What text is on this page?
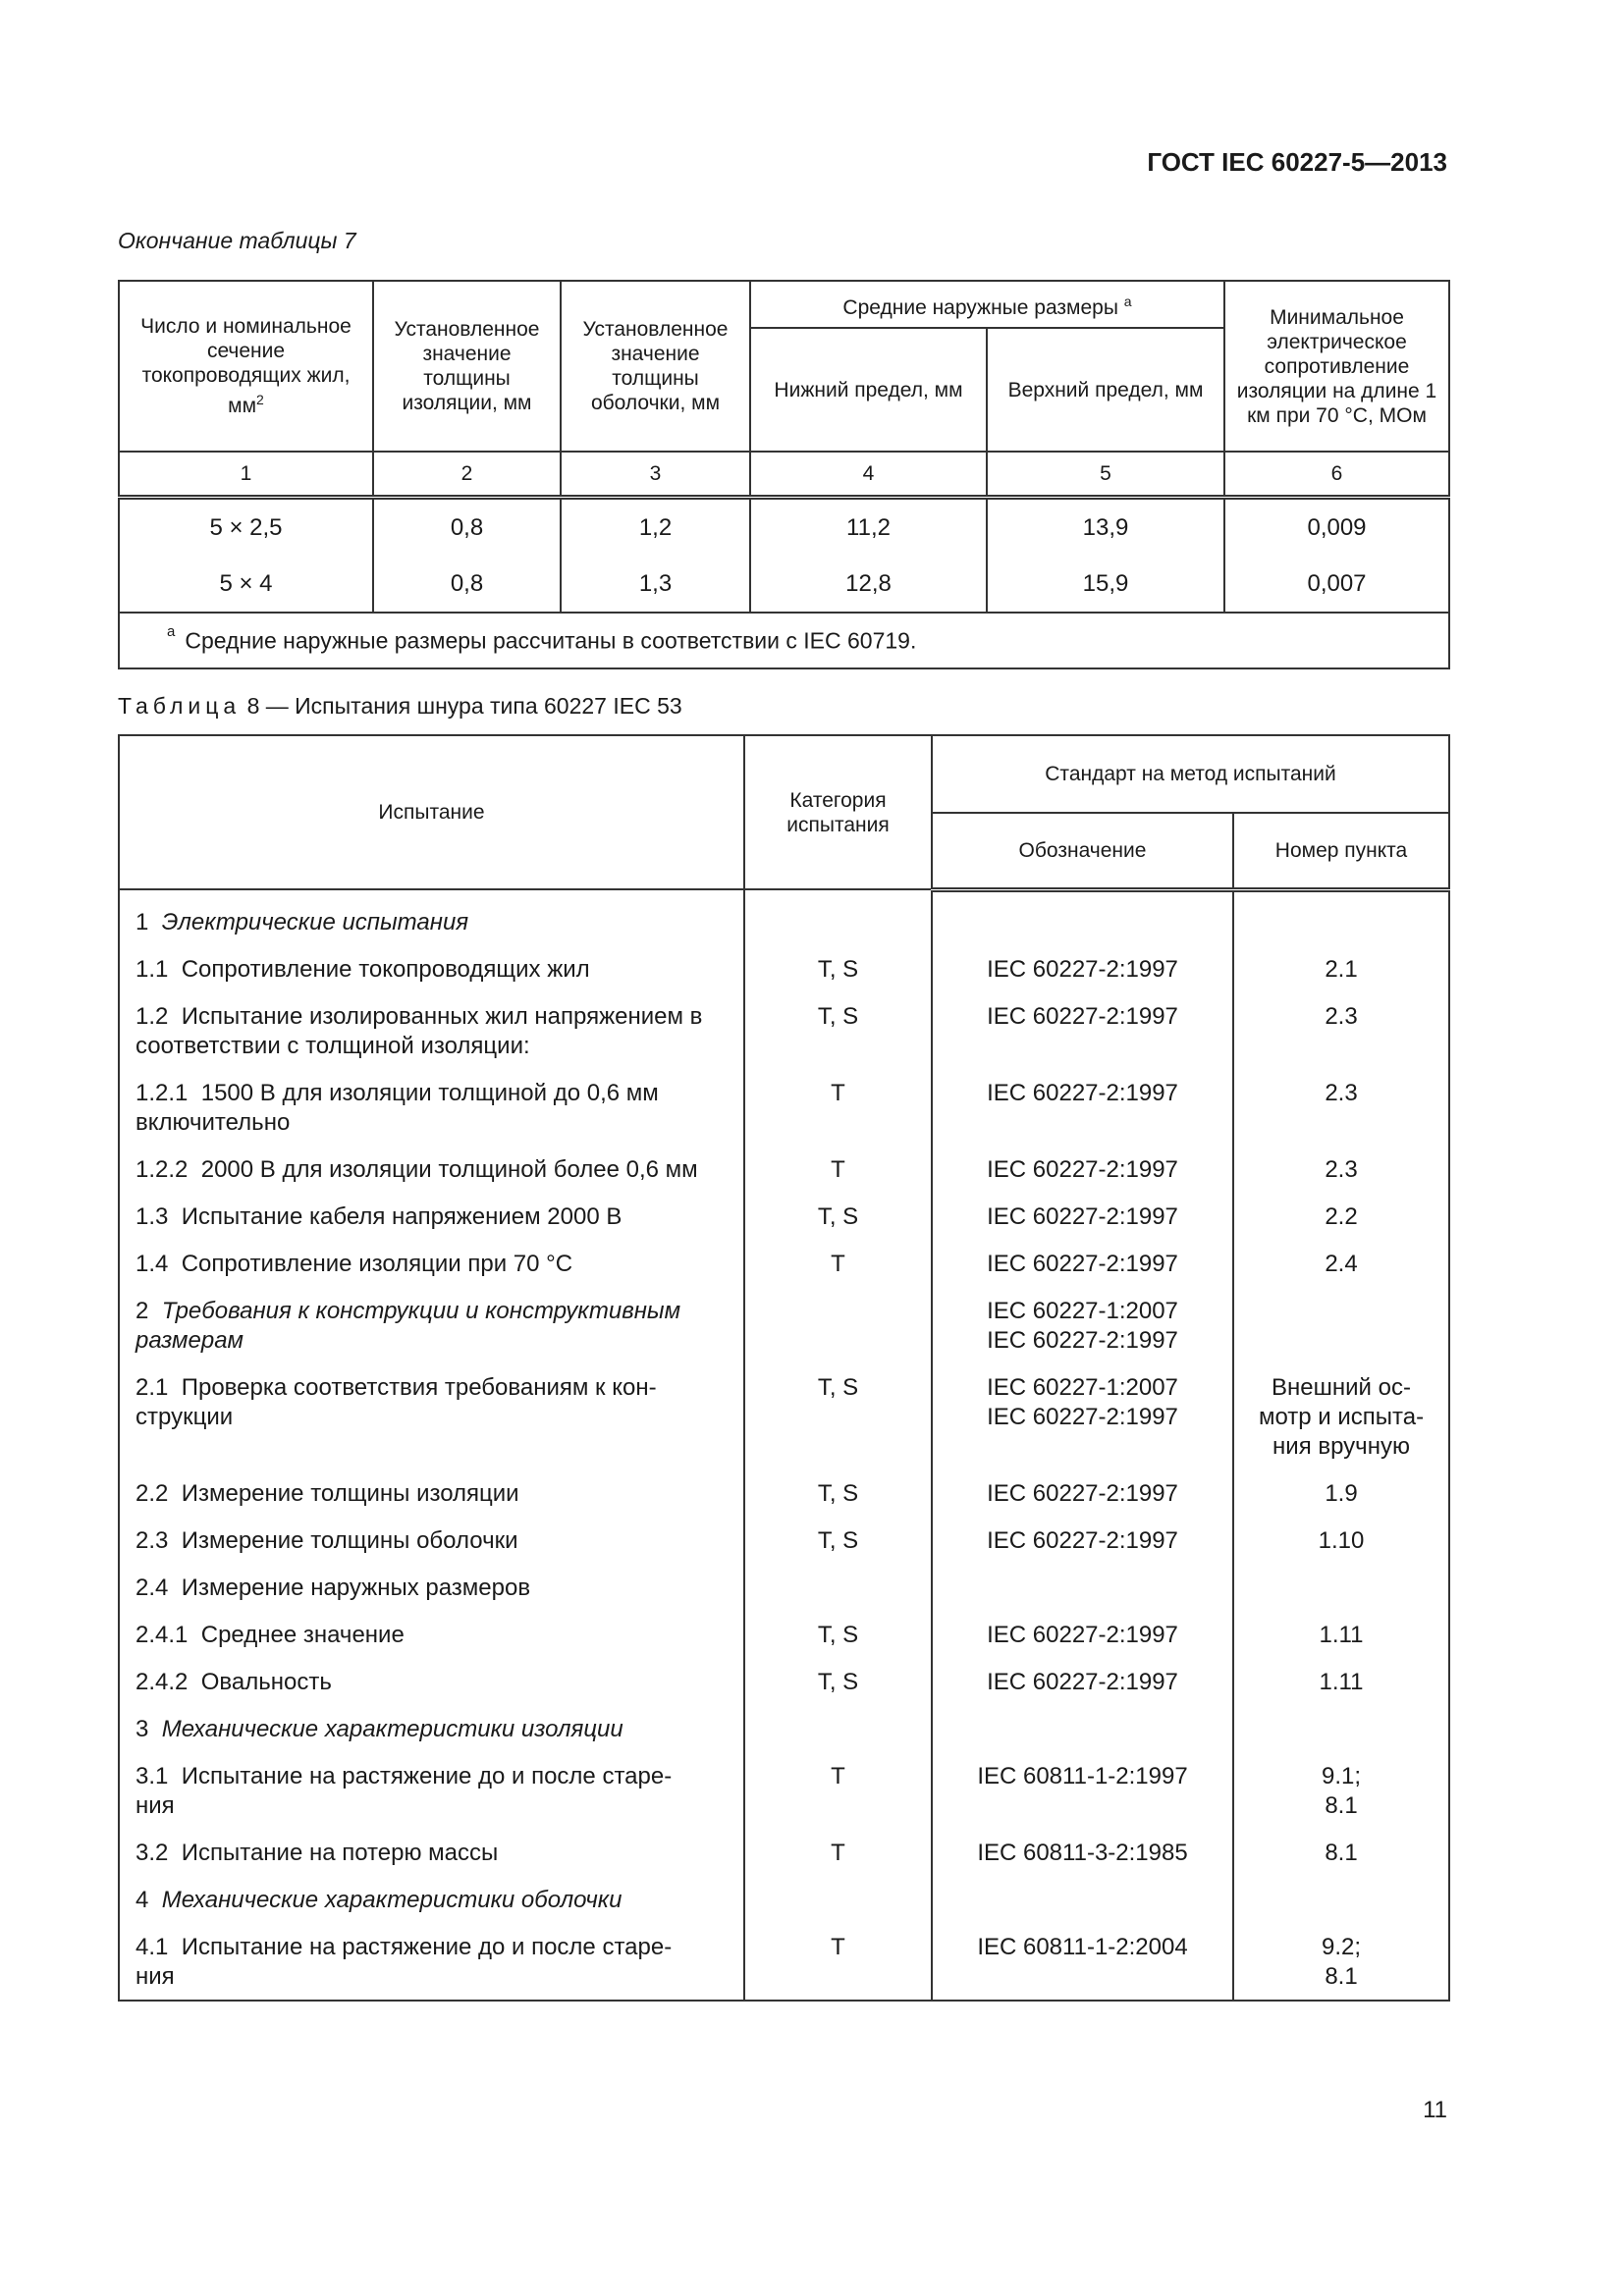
ГОСТ IEC 60227-5—2013
Окончание таблицы 7
Число и номинальное сечение токопроводящих жил, $мм^2$	Установленное значение толщины изоляции, мм	Установленное значение толщины оболочки, мм	Средние наружные размеры $^a$		Минимальное электрическое сопротивление изоляции на длине 1 км при 70 °С, МОм
			Нижний предел, мм	Верхний предел, мм	
1	2	3	4	5	6
5 × 2,5	0,8	1,2	11,2	13,9	0,009
5 × 4	0,8	1,3	12,8	15,9	0,007
$^a$ Средние наружные размеры рассчитаны в соответствии с IEC 60719.					
Таблица 8 — Испытания шнура типа 60227 IEC 53
Испытание	Категория испытания	Стандарт на метод испытаний	
		Обозначение	Номер пункта

1 Электрические испытания			

1.1 Сопротивление токопроводящих жил	Т, S	IEC 60227-2:1997	2.1

1.2 Испытание изолированных жил напряжением в соответствии с толщиной изоляции:	Т, S	IEC 60227-2:1997	2.3

1.2.1 1500 В для изоляции толщиной до 0,6 мм включительно	Т	IEC 60227-2:1997	2.3

1.2.2 2000 В для изоляции толщиной более 0,6 мм	Т	IEC 60227-2:1997	2.3

1.3 Испытание кабеля напряжением 2000 В	Т, S	IEC 60227-2:1997	2.2

1.4 Сопротивление изоляции при 70 °С	Т	IEC 60227-2:1997	2.4

2 Требования к конструкции и конструктивным размерам		IEC 60227-1:2007
IEC 60227-2:1997	

2.1 Проверка соответствия требованиям к кон-струкции	Т, S	IEC 60227-1:2007
IEC 60227-2:1997	Внешний ос-
мотр и испыта-
ния вручную

2.2 Измерение толщины изоляции	Т, S	IEC 60227-2:1997	1.9

2.3 Измерение толщины оболочки	Т, S	IEC 60227-2:1997	1.10

2.4 Измерение наружных размеров			

2.4.1 Среднее значение	Т, S	IEC 60227-2:1997	1.11

2.4.2 Овальность	Т, S	IEC 60227-2:1997	1.11

3 Механические характеристики изоляции			

3.1 Испытание на растяжение до и после старе-ния	Т	IEC 60811-1-2:1997	9.1;
8.1

3.2 Испытание на потерю массы	Т	IEC 60811-3-2:1985	8.1

4 Механические характеристики оболочки			

4.1 Испытание на растяжение до и после старе-ния	Т	IEC 60811-1-2:2004	9.2;
8.1
11
